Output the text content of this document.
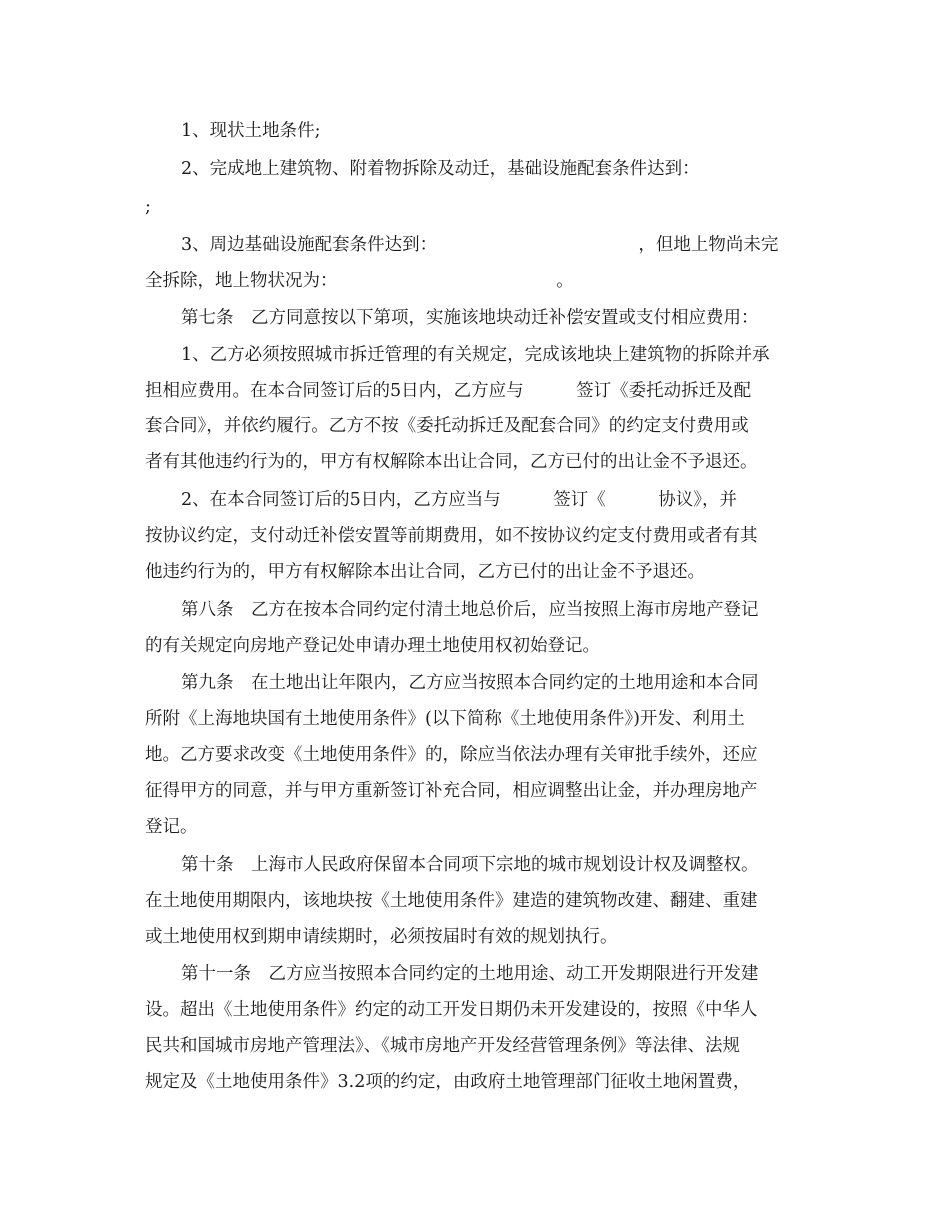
1、现状土地条件;
2、完成地上建筑物、附着物拆除及动迁，基础设施配套条件达到：
;
3、周边基础设施配套条件达到：　　　　　　　　　　　　，但地上物尚未完
全拆除，地上物状况为：　　　　　　　　　　　　　。
第七条　乙方同意按以下第项，实施该地块动迁补偿安置或支付相应费用：
1、乙方必须按照城市拆迁管理的有关规定，完成该地块上建筑物的拆除并承
担相应费用。在本合同签订后的5日内，乙方应与　　　签订《委托动拆迁及配
套合同》，并依约履行。乙方不按《委托动拆迁及配套合同》的约定支付费用或
者有其他违约行为的，甲方有权解除本出让合同，乙方已付的出让金不予退还。
2、在本合同签订后的5日内，乙方应当与　　　签订《　　　协议》，并
按协议约定，支付动迁补偿安置等前期费用，如不按协议约定支付费用或者有其
他违约行为的，甲方有权解除本出让合同，乙方已付的出让金不予退还。
第八条　乙方在按本合同约定付清土地总价后，应当按照上海市房地产登记
的有关规定向房地产登记处申请办理土地使用权初始登记。
第九条　在土地出让年限内，乙方应当按照本合同约定的土地用途和本合同
所附《上海地块国有土地使用条件》(以下简称《土地使用条件》)开发、利用土
地。乙方要求改变《土地使用条件》的，除应当依法办理有关审批手续外，还应
征得甲方的同意，并与甲方重新签订补充合同，相应调整出让金，并办理房地产
登记。
第十条　上海市人民政府保留本合同项下宗地的城市规划设计权及调整权。
在土地使用期限内，该地块按《土地使用条件》建造的建筑物改建、翻建、重建
或土地使用权到期申请续期时，必须按届时有效的规划执行。
第十一条　乙方应当按照本合同约定的土地用途、动工开发期限进行开发建
设。超出《土地使用条件》约定的动工开发日期仍未开发建设的，按照《中华人
民共和国城市房地产管理法》、《城市房地产开发经营管理条例》等法律、法规
规定及《土地使用条件》3.2项的约定，由政府土地管理部门征收土地闲置费，
